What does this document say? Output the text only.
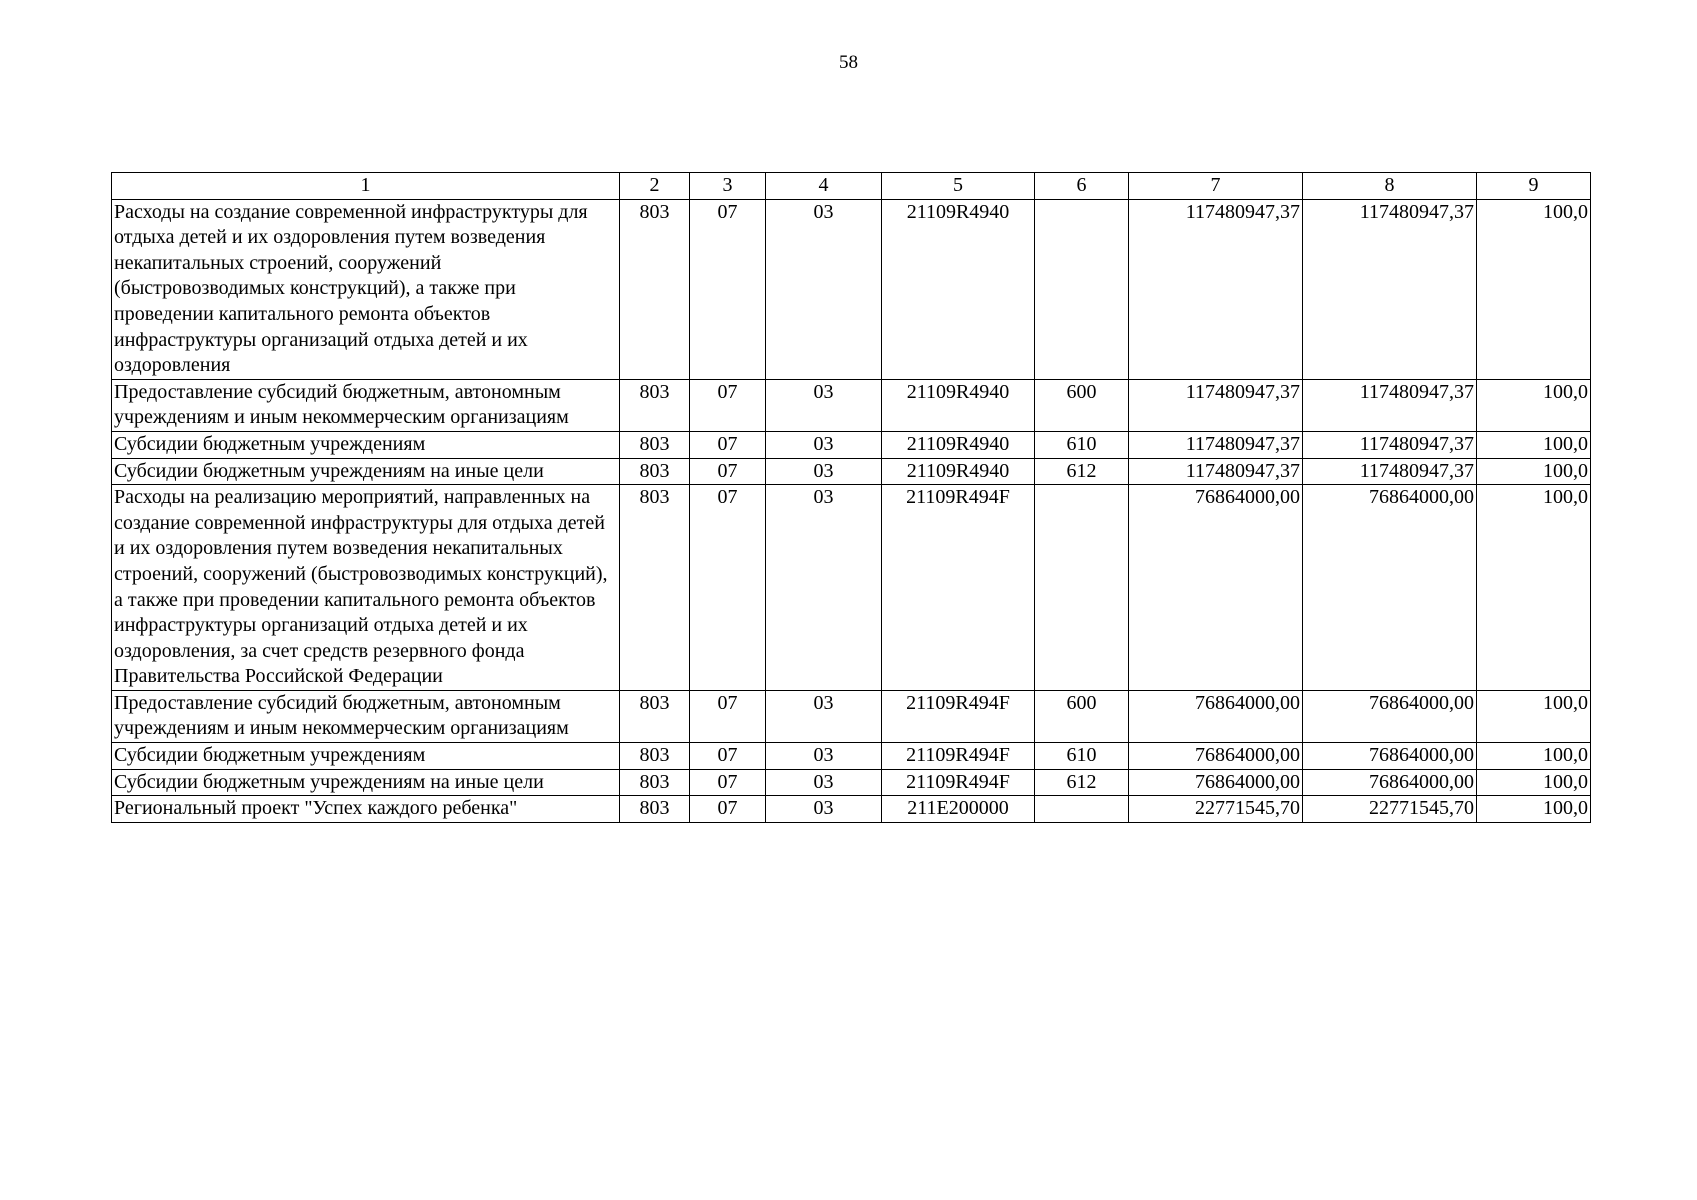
58
1	2	3	4	5	6	7	8	9
Расходы на создание современной инфраструктуры для отдыха детей и их оздоровления путем возведения некапитальных строений, сооружений (быстровозводимых конструкций), а также при проведении капитального ремонта объектов инфраструктуры организаций отдыха детей и их оздоровления	803	07	03	21109R4940		117480947,37	117480947,37	100,0
Предоставление субсидий бюджетным, автономным учреждениям и иным некоммерческим организациям	803	07	03	21109R4940	600	117480947,37	117480947,37	100,0
Субсидии бюджетным учреждениям	803	07	03	21109R4940	610	117480947,37	117480947,37	100,0
Субсидии бюджетным учреждениям на иные цели	803	07	03	21109R4940	612	117480947,37	117480947,37	100,0
Расходы на реализацию мероприятий, направленных на создание современной инфраструктуры для отдыха детей и их оздоровления путем возведения некапитальных строений, сооружений (быстровозводимых конструкций), а также при проведении капитального ремонта объектов инфраструктуры организаций отдыха детей и их оздоровления, за счет средств резервного фонда Правительства Российской Федерации	803	07	03	21109R494F		76864000,00	76864000,00	100,0
Предоставление субсидий бюджетным, автономным учреждениям и иным некоммерческим организациям	803	07	03	21109R494F	600	76864000,00	76864000,00	100,0
Субсидии бюджетным учреждениям	803	07	03	21109R494F	610	76864000,00	76864000,00	100,0
Субсидии бюджетным учреждениям на иные цели	803	07	03	21109R494F	612	76864000,00	76864000,00	100,0
Региональный проект "Успех каждого ребенка"	803	07	03	211E200000		22771545,70	22771545,70	100,0
